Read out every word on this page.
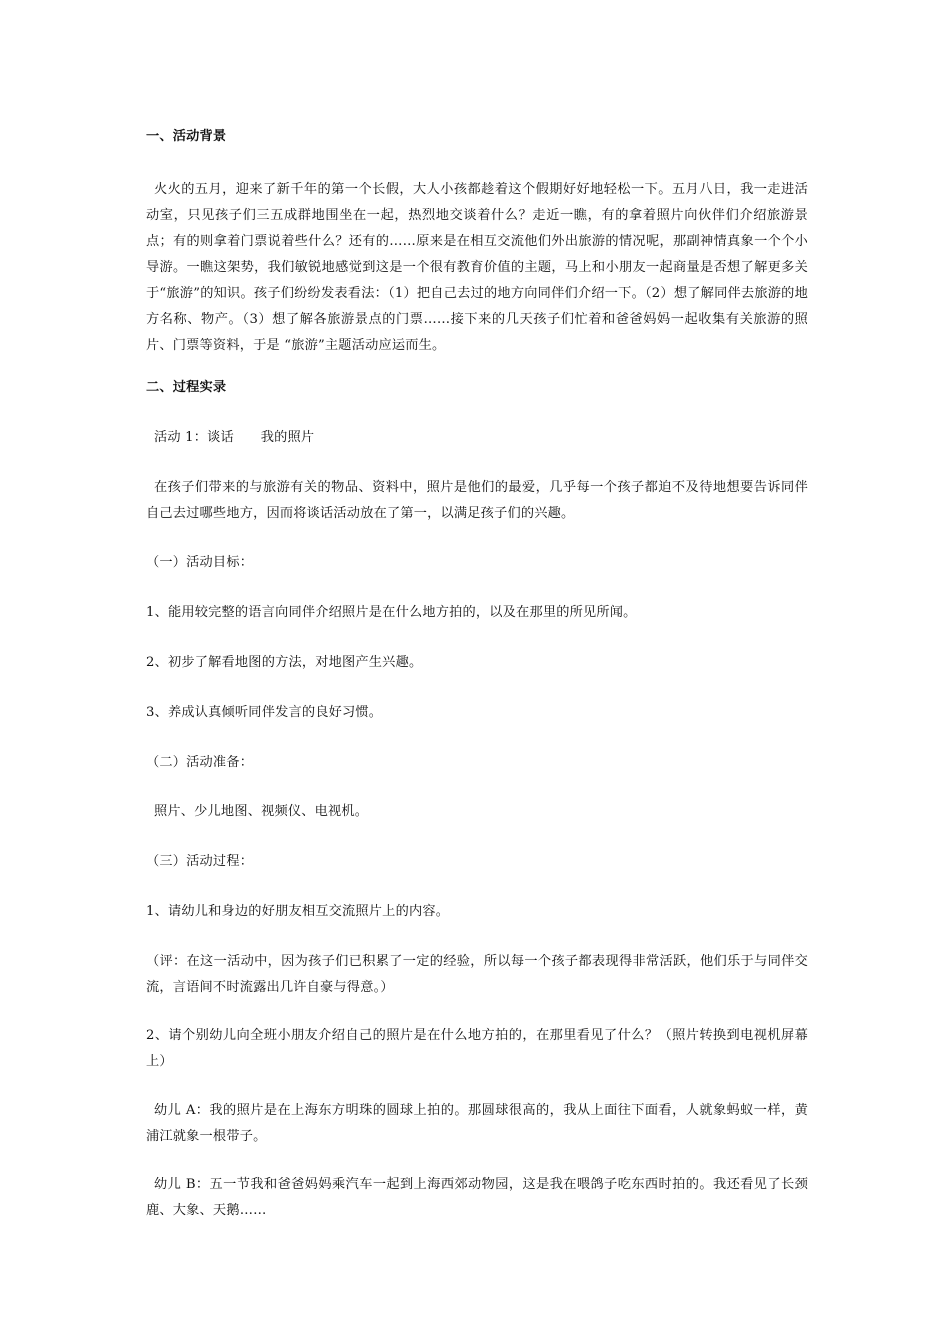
一、活动背景

火火的五月，迎来了新千年的第一个长假，大人小孩都趁着这个假期好好地轻松一下。五月八日，我一走进活动室，只见孩子们三五成群地围坐在一起，热烈地交谈着什么？走近一瞧，有的拿着照片向伙伴们介绍旅游景点；有的则拿着门票说着些什么？还有的……原来是在相互交流他们外出旅游的情况呢，那副神情真象一个个小导游。一瞧这架势，我们敏锐地感觉到这是一个很有教育价值的主题，马上和小朋友一起商量是否想了解更多关于“旅游”的知识。孩子们纷纷发表看法：（1）把自己去过的地方向同伴们介绍一下。（2）想了解同伴去旅游的地方名称、物产。（3）想了解各旅游景点的门票……接下来的几天孩子们忙着和爸爸妈妈一起收集有关旅游的照片、门票等资料，于是 “旅游”主题活动应运而生。

二、过程实录

活动 1：谈话　　我的照片

在孩子们带来的与旅游有关的物品、资料中，照片是他们的最爱，几乎每一个孩子都迫不及待地想要告诉同伴自己去过哪些地方，因而将谈话活动放在了第一，以满足孩子们的兴趣。

（一）活动目标：

1、能用较完整的语言向同伴介绍照片是在什么地方拍的，以及在那里的所见所闻。

2、初步了解看地图的方法，对地图产生兴趣。

3、养成认真倾听同伴发言的良好习惯。

（二）活动准备：

照片、少儿地图、视频仪、电视机。

（三）活动过程：

1、请幼儿和身边的好朋友相互交流照片上的内容。

（评：在这一活动中，因为孩子们已积累了一定的经验，所以每一个孩子都表现得非常活跃，他们乐于与同伴交流，言语间不时流露出几许自豪与得意。）

2、请个别幼儿向全班小朋友介绍自己的照片是在什么地方拍的，在那里看见了什么？（照片转换到电视机屏幕上）

幼儿 A：我的照片是在上海东方明珠的圆球上拍的。那圆球很高的，我从上面往下面看，人就象蚂蚁一样，黄浦江就象一根带子。

幼儿 B：五一节我和爸爸妈妈乘汽车一起到上海西郊动物园，这是我在喂鸽子吃东西时拍的。我还看见了长颈鹿、大象、天鹅……
